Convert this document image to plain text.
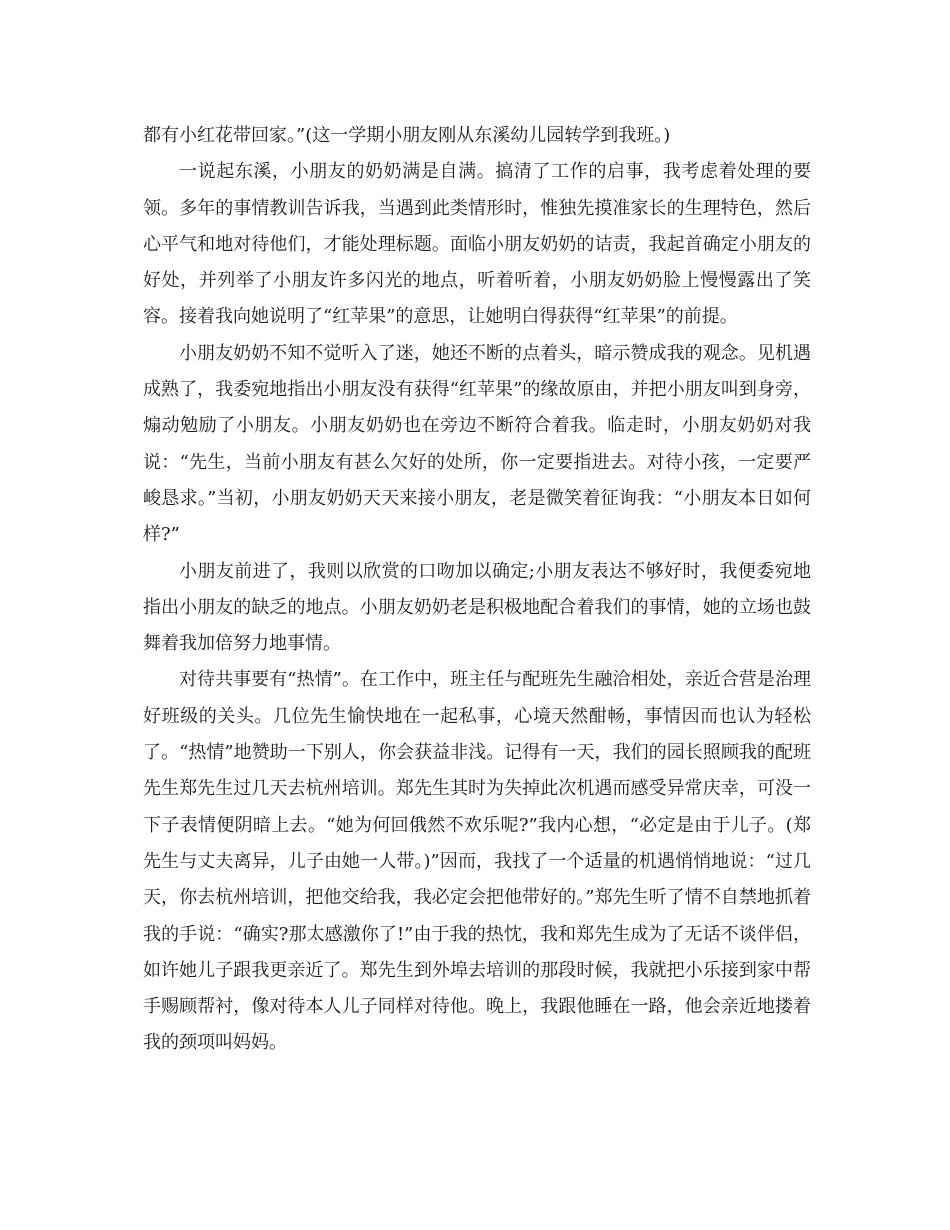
都有小红花带回家。”(这一学期小朋友刚从东溪幼儿园转学到我班。)

一说起东溪，小朋友的奶奶满是自满。搞清了工作的启事，我考虑着处理的要领。多年的事情教训告诉我，当遇到此类情形时，惟独先摸准家长的生理特色，然后心平气和地对待他们，才能处理标题。面临小朋友奶奶的诘责，我起首确定小朋友的好处，并列举了小朋友许多闪光的地点，听着听着，小朋友奶奶脸上慢慢露出了笑容。接着我向她说明了“红苹果”的意思，让她明白得获得“红苹果”的前提。

小朋友奶奶不知不觉听入了迷，她还不断的点着头，暗示赞成我的观念。见机遇成熟了，我委宛地指出小朋友没有获得“红苹果”的缘故原由，并把小朋友叫到身旁，煽动勉励了小朋友。小朋友奶奶也在旁边不断符合着我。临走时，小朋友奶奶对我说：“先生，当前小朋友有甚么欠好的处所，你一定要指进去。对待小孩，一定要严峻恳求。”当初，小朋友奶奶天天来接小朋友，老是微笑着征询我：“小朋友本日如何样?”

小朋友前进了，我则以欣赏的口吻加以确定;小朋友表达不够好时，我便委宛地指出小朋友的缺乏的地点。小朋友奶奶老是积极地配合着我们的事情，她的立场也鼓舞着我加倍努力地事情。

对待共事要有“热情”。在工作中，班主任与配班先生融洽相处，亲近合营是治理好班级的关头。几位先生愉快地在一起私事，心境天然酣畅，事情因而也认为轻松了。“热情”地赞助一下别人，你会获益非浅。记得有一天，我们的园长照顾我的配班先生郑先生过几天去杭州培训。郑先生其时为失掉此次机遇而感受异常庆幸，可没一下子表情便阴暗上去。“她为何回俄然不欢乐呢?”我内心想，“必定是由于儿子。(郑先生与丈夫离异，儿子由她一人带。)”因而，我找了一个适量的机遇悄悄地说：“过几天，你去杭州培训，把他交给我，我必定会把他带好的。”郑先生听了情不自禁地抓着我的手说：“确实?那太感激你了!”由于我的热忱，我和郑先生成为了无话不谈伴侣，如许她儿子跟我更亲近了。郑先生到外埠去培训的那段时候，我就把小乐接到家中帮手赐顾帮衬，像对待本人儿子同样对待他。晚上，我跟他睡在一路，他会亲近地搂着我的颈项叫妈妈。
